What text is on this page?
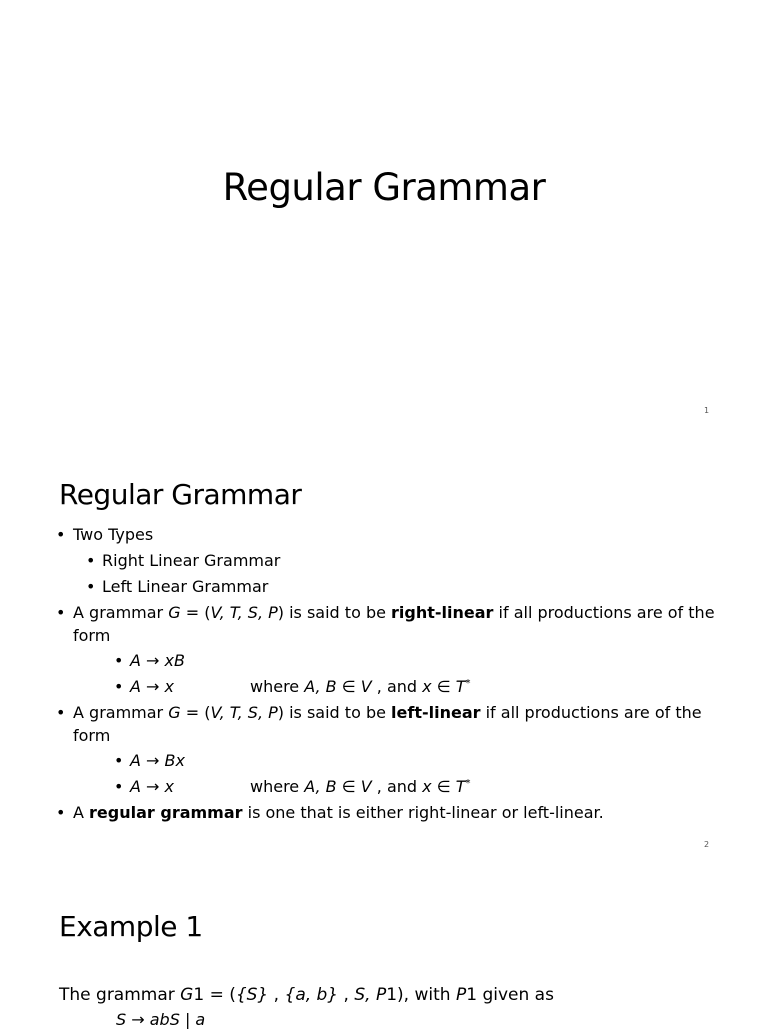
Regular Grammar
1
Regular Grammar
• Two Types
• Right Linear Grammar
• Left Linear Grammar
• A grammar G = (V, T, S, P) is said to be right-linear if all productions are of the
form
• A → xB
• A → x	where A, B ∈ V , and x ∈ T*
• A grammar G = (V, T, S, P) is said to be left-linear if all productions are of the
form
• A → Bx
• A → x	where A, B ∈ V , and x ∈ T*
• A regular grammar is one that is either right-linear or left-linear.
2
Example 1
The grammar G1 = ({S} , {a, b} , S, P1), with P1 given as
S → abS | a
